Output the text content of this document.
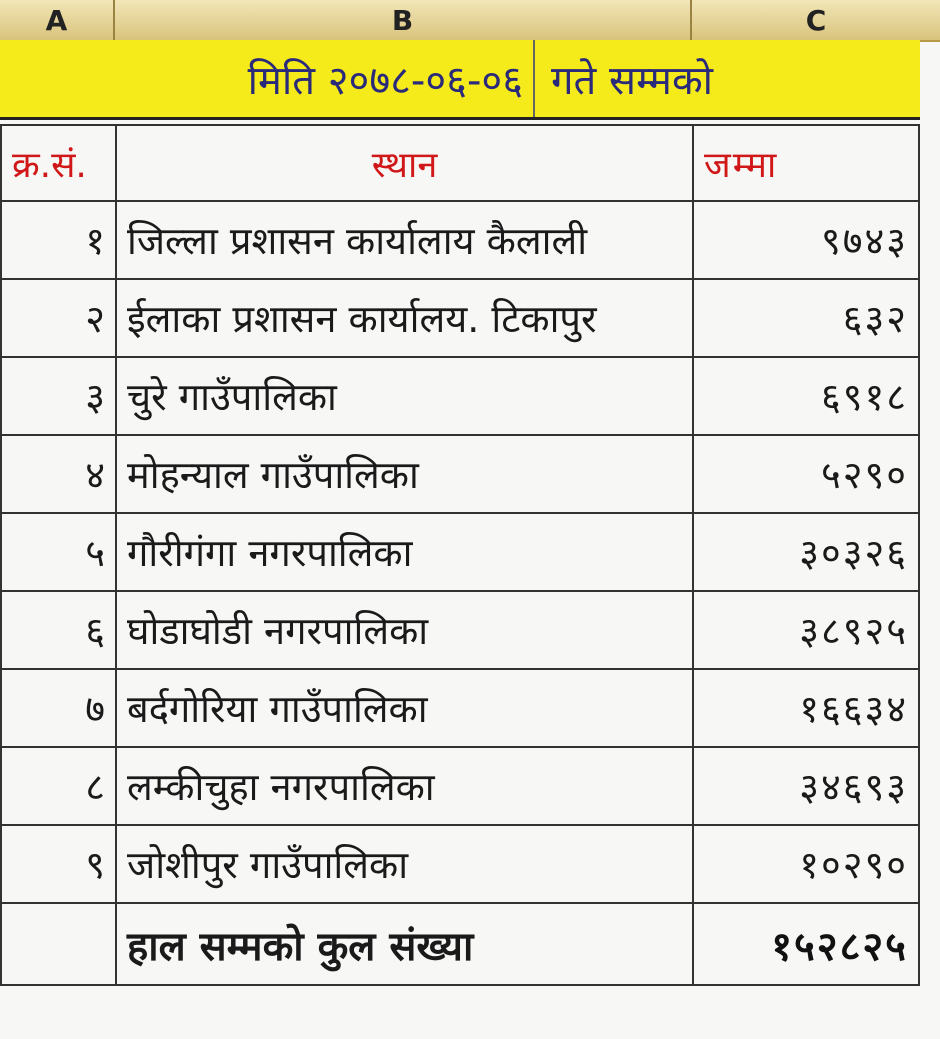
A	B	C
मिति २०७८-०६-०६ गते सम्मको
क्र.सं.	स्थान	जम्मा
१	जिल्ला प्रशासन कार्यालाय कैलाली	९७४३
२	ईलाका प्रशासन कार्यालय. टिकापुर	६३२
३	चुरे गाउँपालिका	६९१८
४	मोहन्याल गाउँपालिका	५२९०
५	गौरीगंगा नगरपालिका	३०३२६
६	घोडाघोडी नगरपालिका	३८९२५
७	बर्दगोरिया गाउँपालिका	१६६३४
८	लम्कीचुहा नगरपालिका	३४६९३
९	जोशीपुर गाउँपालिका	१०२९०
	हाल सम्मको कुल संख्या	१५२८२५
